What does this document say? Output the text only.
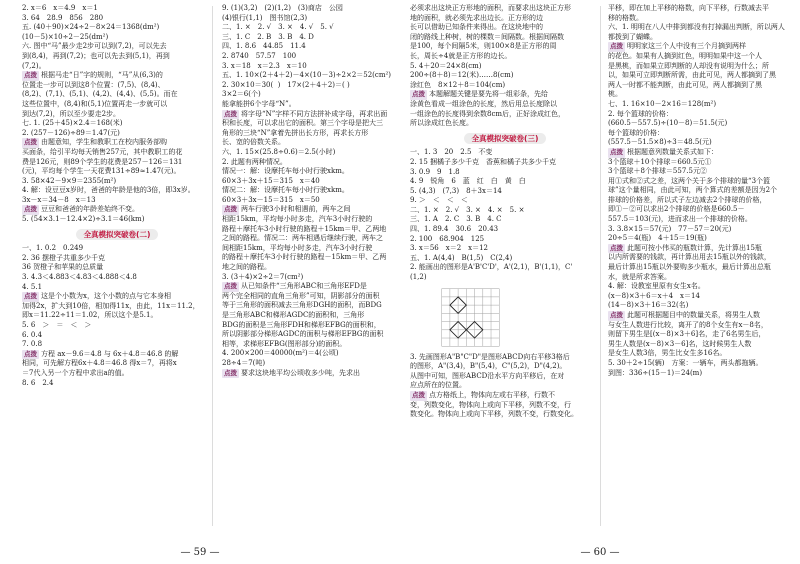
2. x＝6　x＝4.9　x＝1
3. 64　28.9　856　280
五. (40＋90)×24÷2－8×24＝1368(dm²)
(10－5)×10÷2－25(dm²)
六. 图中“马”最少走2步可以到(7,2)，可以先去
到(8,4)，再到(7,2)；也可以先去到(5,1)，再到
(7,2)。
点拨 根据马走“日”字的规则，“马”从(6,3)的
位置走一步可以到这8个位置：(7,5)、(8,4)、
(8,2)、(7,1)、(5,1)、(4,2)、(4,4)、(5,5)。而在
这些位置中，(8,4)和(5,1)位置再走一步就可以
到达(7,2)，所以至少要走2步。
七. 1. (25＋45)×2.4＝168(米)
2. (257－126)÷89＝1.47(元)
点拨 由题意知，学生和教职工在校内服务部购
买面条，给引平均每天销售257元，其中教职工的花
费是126元，则89个学生的花费是257－126＝131
(元)，平均每个学生一天花费131÷89≈1.47(元)。
3. 58×42－9×9＝2355(m²)
4. 解：设豆豆x岁时，爸爸的年龄是他的3倍，即3x岁。
3x－x＝34－8　x＝13
点拨 豆豆和爸爸的年龄差始终不变。
5. (54×3.1－12.4×2)÷3.1＝46(km)
全真模拟突破卷(二)
一、1. 0.2　0.249
2. 36 摆橙子共重多少千克
36 贺橙子和苹果的总质量
3. 4.3＜4.883＜4.83＜4.888＜4.8
4. 5.1
点拨 这是个小数为x，这个小数的点与它本身相
加得2x，扩大到10倍，相加得11x，由此，11x＝11.2，
即x＝11.22÷11＝1.02，所以这个是5.1。
5. 6　＞　＝　＜　＞
6. 0.4
7. 0.8
点拨 方程 ax－9.6＝4.8 与 6x＋4.8＝46.8 的解
相同，可先解方程6x＋4.8＝46.8 得x＝7，再将x
＝7代入另一个方程中求出a的值。
8. 6　2.4
9. (1)(3,2)　(2)(1,2)　(3)商店　公园
(4)银行(1,1)　图书馆(2,3)
二、1. ×　2. √　3. ×　4. √　5. √
三、1. C　2. B　3. B　4. D
四、1. 8.6　44.85　11.4
2. 8740　57.57　100
3. x＝18　x＝2.3　x＝10
五、1. 10×(2＋4＋2)－4×(10－3)÷2×2＝52(cm²)
2. 30×10＝30(  )　17×(2＋4＋2)＝( )
3×2＝6(个)
能拿能拼6个字母“N”。
点拨 将字母“N”字样不同方法拼补成字母，再求出面
积和长度，可以求出它的面积。第三个字母是把大三
角形的三块“N”拿着先拼出长方形，再求长方形
长、宽的倍数关系。
六、1. 15×(25.8÷0.6)＝2.5(小时)
2. 此题有两种情况。
情况一：解：设摩托车每小时行驶xkm。
60×3＋3x＋15＝315　x＝40
情况二：解：设摩托车每小时行驶xkm。
60×3＋3x－15＝315　x＝50
点拨 两车行驶3小时和相遇前，两车之间
相距15km，平均每小时多走，汽车3小时行驶的
路程＋摩托车3小时行驶的路程＋15km＝甲、乙两地
之间的路程。情况二：两车相遇后继续行驶，两车之
间相距15km，平均每小时多走，汽车3小时行驶
的路程＋摩托车3小时行驶的路程－15km＝甲、乙两
地之间的路程。
3. (3＋4)×2÷2＝7(cm²)
点拨 从已知条件“三角形ABC和三角形EFD是
两个完全相同的直角三角形”可知，阴影部分的面积
等于三角形的面积减去三角形DGH的面积，而BDG
是三角形ABC和梯形AGDC的面积和，三角形
BDG的面积是三角形FDH和梯形EFBG的面积和，
所以阴影部分梯形AGDC的面积与梯形EFBG的面积
相等，求梯形EFBG(图形部分)的面积。
4. 200×200＝40000(m²)＝4(公顷)
28÷4＝7(吨)
点拨 要求这块地平均公顷收多少吨，先求出
— 59 —
必须求出这块正方形地的面积，而要求出这块正方形
地的面积，就必须先求出边长。正方形的边
长可以借助已知条件来得出。在这块地中的
闭的路线上种树，树的棵数＝间隔数。根据间隔数
是100，每个间隔5米，则100×8是正方形的周
长，周长÷4就是正方形的边长。
5. 4＋20＝24×8(cm)
200÷(8＋8)＝12(米)……8(cm)
涂红色　8×12＋8＝104(cm)
点拨 本题解题关键是要先将一组彩条，先给
涂黄色看成一组涂色的长度，然后用总长度除以
一组涂色的长度得到余数8cm后，正好涂成红色，
所以涂成红色长度。
全真模拟突破卷(三)
一、1. 3　20　2.5　不变
2. 15 捆橘子多少千克　香蕉和橘子共多少千克
3. 0.9　9　1.8
4. 9　锐角　6　蓝　红　白　黄　白
5. (4,3)　(7,3)　8＋3x＝14
9. ＞　＜　＜　＜
二、1. ×　2. √　3. ×　4. ×　5. ×
三、1. A　2. C　3. B　4. C
四、1. 89.4　30.6　20.43
2. 100　68.904　125
3. x＝56　x＝2　x＝12
五、1. A(4,4)　B(1,5)　C(2,4)
2. 能画出的图形是A'B'C'D'，A'(2,1)，B'(1,1)，C'
(1,2)
3. 先画图形A"B"C"D"是图形ABCD向右平移3格后
的图形，A"(3,4)，B"(5,4)，C"(5,2)，D"(4,2)。
从图中可知，图形ABCD沿水平方向平移后，在对
应点所在的位置。
点拨 点方格纸上，物体向左或右平移，行数不
变，列数变化，物体向上或向下平移，列数不变，行
数变化。物体向上或向下平移，列数不变，行数变化。
平移，即在加上平移的格数，向下平移，行数减去平
移的格数。
六、1. 明明在八人中排到都没有打掉漏出判断，所以两人
都拨到了蝴蝶。
点拨 明明家这三个人中没有三个月摘到两样
的花色。如果有人摘到红色，明明如果中这一个人
是黑桃，而如果立即判断的人却没有说明为什么；所
以，如果可立即判断所需，由此可见，两人都摘到了黑
两人一时都不能判断，由此可见，两人都摘到了黑
桃。
七、1. 16×10－2×16＝128(m²)
2. 每个篮球的价格：
(660.5－557.5)÷(10－8)＝51.5(元)
每个篮球的价格：
(557.5－51.5×8)÷3＝48.5(元)
点拨 根据题意列数量关系式如下：
3个篮球＋10个排球＝660.5元①
3个篮球＋8个排球＝557.5元②
用①式和②式之差，这两个关于多个排球的量“3个篮
球”这个量相同，由此可知，两个算式的差额是因为2个
排球的价格差，所以式子左边减去2个排球的价格，
即①－②可以求出2个排球的价格是660.5－
557.5＝103(元)，进而求出一个排球的价格。
3. 3.8×15＝57(元)　77－57＝20(元)
20÷5＝4(瓶)　4＋15＝19(瓶)
点拨 此题可按小伟买的瓶数计算，先计算出15瓶
以内所需要的钱款，再计算出用去15瓶以外的钱款，
最后计算出15瓶以外要购多少瓶水，最后计算出总瓶
水，就是所求答案。
4. 解：设教室里原有女生x名。
(x－8)×3＋6＝x＋4　x＝14
(14－8)×3＋16＝32(名)
点拨 此题可根据题目中的数量关系，将男生人数
与女生人数进行比较，离开了的8个女生有x－8名，
则留下男生是[(x－8)×3＋6]名，走了6名男生后，
男生人数是(x－8)×3－6]名，这时候男生人数
是女生人数3倍，男生比女生多16名。
5. 30＋2÷15(辆)　方案：一辆车，两头都拖辆。
到图：336÷(15－1)＝24(m)
— 60 —
